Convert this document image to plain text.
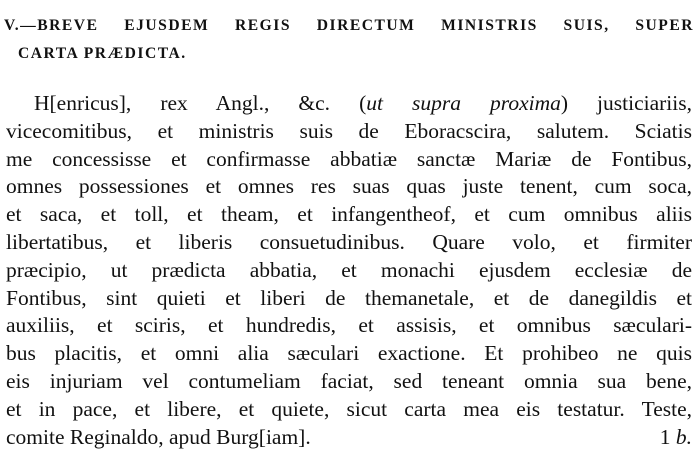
V.—BREVE EJUSDEM REGIS DIRECTUM MINISTRIS SUIS, SUPER
CARTA PRÆDICTA.
H[enricus], rex Angl., &c. (ut supra proxima) justiciariis,
vicecomitibus, et ministris suis de Eboracscira, salutem. Sciatis
me concessisse et confirmasse abbatiæ sanctæ Mariæ de Fontibus,
omnes possessiones et omnes res suas quas juste tenent, cum soca,
et saca, et toll, et theam, et infangentheof, et cum omnibus aliis
libertatibus, et liberis consuetudinibus. Quare volo, et firmiter
præcipio, ut prædicta abbatia, et monachi ejusdem ecclesiæ de
Fontibus, sint quieti et liberi de themanetale, et de danegildis et
auxiliis, et sciris, et hundredis, et assisis, et omnibus sæculari-
bus placitis, et omni alia sæculari exactione. Et prohibeo ne quis
eis injuriam vel contumeliam faciat, sed teneant omnia sua bene,
et in pace, et libere, et quiete, sicut carta mea eis testatur. Teste,
comite Reginaldo, apud Burg[iam].	1 b.
